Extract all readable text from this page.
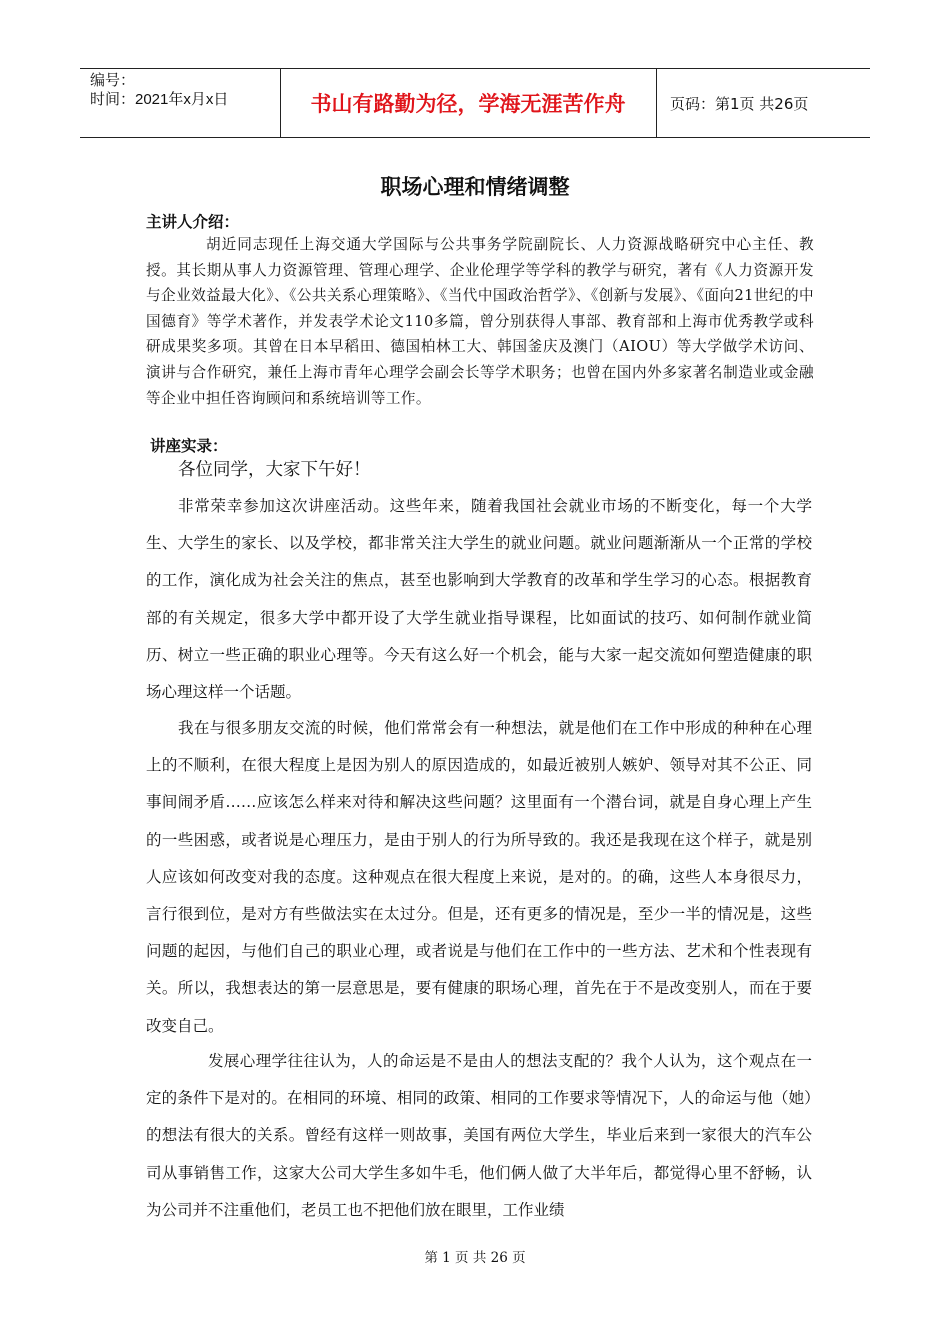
编号：
时间：2021年x月x日	书山有路勤为径，学海无涯苦作舟	页码：第1页 共26页
职场心理和情绪调整
主讲人介绍：
胡近同志现任上海交通大学国际与公共事务学院副院长、人力资源战略研究中心主任、教授。其长期从事人力资源管理、管理心理学、企业伦理学等学科的教学与研究，著有《人力资源开发与企业效益最大化》、《公共关系心理策略》、《当代中国政治哲学》、《创新与发展》、《面向21世纪的中国德育》等学术著作，并发表学术论文110多篇，曾分别获得人事部、教育部和上海市优秀教学或科研成果奖多项。其曾在日本早稻田、德国柏林工大、韩国釜庆及澳门（AIOU）等大学做学术访问、演讲与合作研究，兼任上海市青年心理学会副会长等学术职务；也曾在国内外多家著名制造业或金融等企业中担任咨询顾问和系统培训等工作。
讲座实录：
各位同学，大家下午好！
非常荣幸参加这次讲座活动。这些年来，随着我国社会就业市场的不断变化，每一个大学生、大学生的家长、以及学校，都非常关注大学生的就业问题。就业问题渐渐从一个正常的学校的工作，演化成为社会关注的焦点，甚至也影响到大学教育的改革和学生学习的心态。根据教育部的有关规定，很多大学中都开设了大学生就业指导课程，比如面试的技巧、如何制作就业简历、树立一些正确的职业心理等。今天有这么好一个机会，能与大家一起交流如何塑造健康的职场心理这样一个话题。
我在与很多朋友交流的时候，他们常常会有一种想法，就是他们在工作中形成的种种在心理上的不顺利，在很大程度上是因为别人的原因造成的，如最近被别人嫉妒、领导对其不公正、同事间闹矛盾……应该怎么样来对待和解决这些问题？这里面有一个潜台词，就是自身心理上产生的一些困惑，或者说是心理压力，是由于别人的行为所导致的。我还是我现在这个样子，就是别人应该如何改变对我的态度。这种观点在很大程度上来说，是对的。的确，这些人本身很尽力，言行很到位，是对方有些做法实在太过分。但是，还有更多的情况是，至少一半的情况是，这些问题的起因，与他们自己的职业心理，或者说是与他们在工作中的一些方法、艺术和个性表现有关。所以，我想表达的第一层意思是，要有健康的职场心理，首先在于不是改变别人，而在于要改变自己。
发展心理学往往认为，人的命运是不是由人的想法支配的？我个人认为，这个观点在一定的条件下是对的。在相同的环境、相同的政策、相同的工作要求等情况下，人的命运与他（她）的想法有很大的关系。曾经有这样一则故事，美国有两位大学生，毕业后来到一家很大的汽车公司从事销售工作，这家大公司大学生多如牛毛，他们俩人做了大半年后，都觉得心里不舒畅，认为公司并不注重他们，老员工也不把他们放在眼里，工作业绩
第 1 页 共 26 页
